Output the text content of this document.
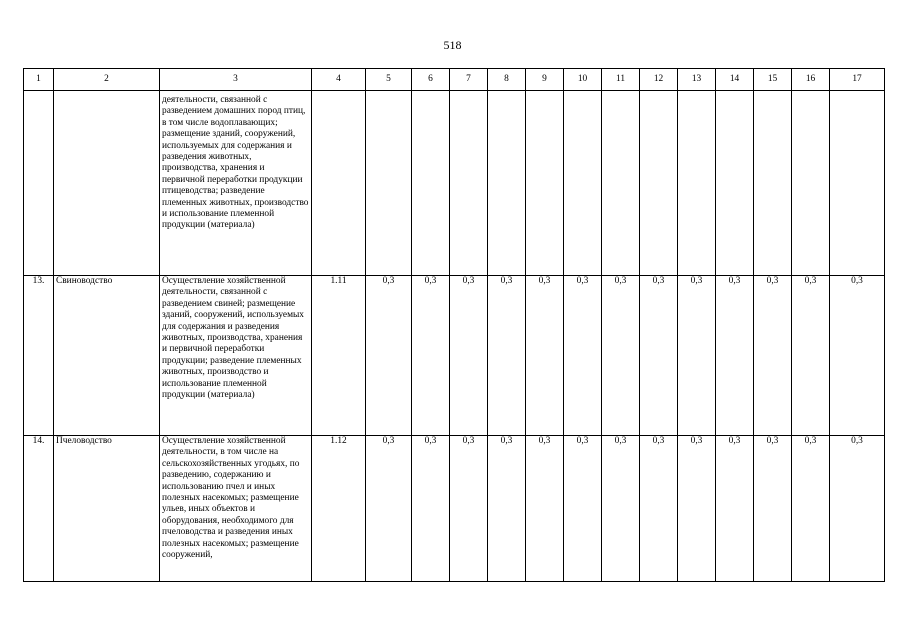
518
1	2	3	4	5	6	7	8	9	10	11	12	13	14	15	16	17

		деятельности, связанной с разведением домашних пород птиц, в том числе водоплавающих; размещение зданий, сооружений, используемых для содержания и разведения животных, производства, хранения и первичной переработки продукции птицеводства; разведение племенных животных, производство и использование племенной продукции (материала)														

13.	Свиноводство	Осуществление хозяйственной деятельности, связанной с разведением свиней; размещение зданий, сооружений, используемых для содержания и разведения животных, производства, хранения и первичной переработки продукции; разведение племенных животных, производство и использование племенной продукции (материала)	1.11	0,3	0,3	0,3	0,3	0,3	0,3	0,3	0,3	0,3	0,3	0,3	0,3	0,3
14.	Пчеловодство	Осуществление хозяйственной деятельности, в том числе на сельскохозяйственных угодьях, по разведению, содержанию и использованию пчел и иных полезных насекомых; размещение ульев, иных объектов и оборудования, необходимого для пчеловодства и разведения иных полезных насекомых; размещение сооружений,	1.12	0,3	0,3	0,3	0,3	0,3	0,3	0,3	0,3	0,3	0,3	0,3	0,3	0,3
